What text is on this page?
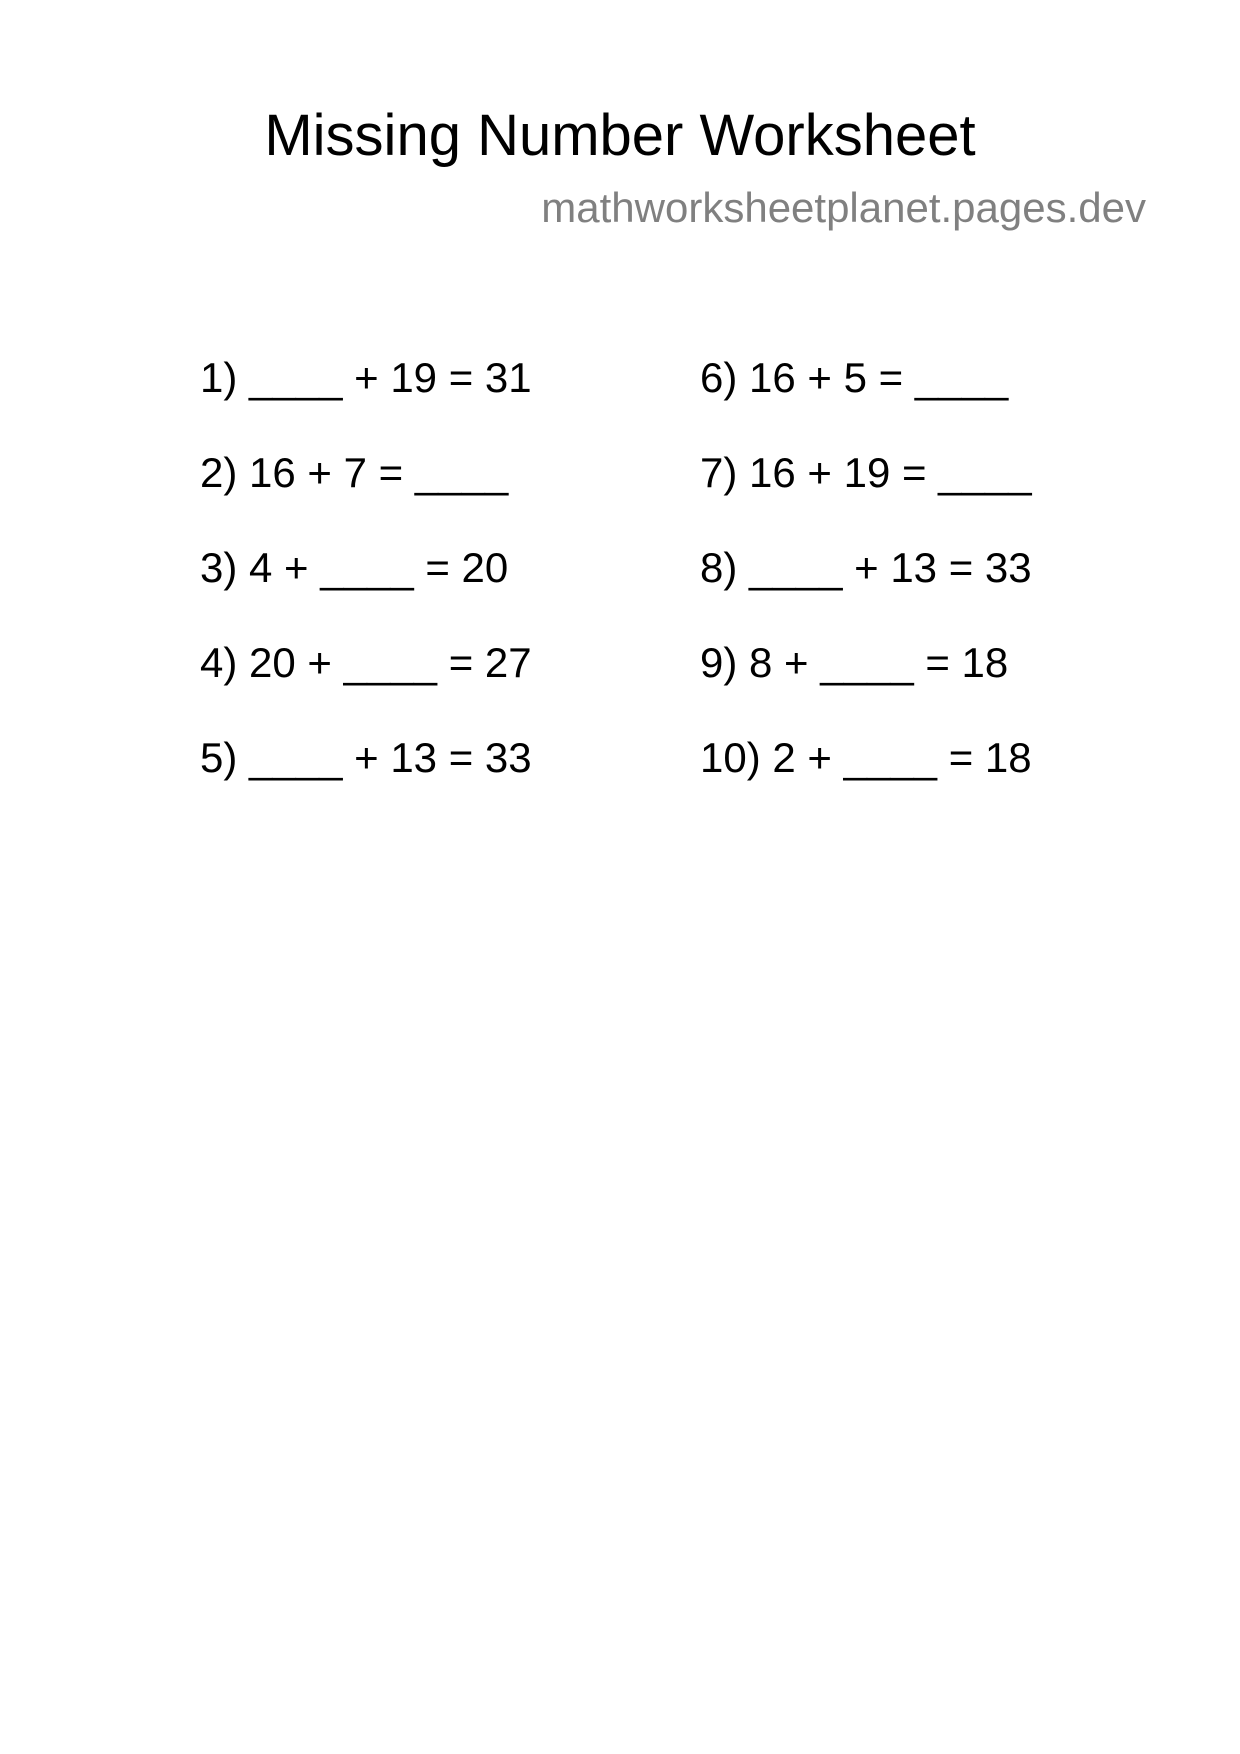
Missing Number Worksheet
mathworksheetplanet.pages.dev
1) ____ + 19 = 31
2) 16 + 7 = ____
3) 4 + ____ = 20
4) 20 + ____ = 27
5) ____ + 13 = 33
6) 16 + 5 = ____
7) 16 + 19 = ____
8) ____ + 13 = 33
9) 8 + ____ = 18
10) 2 + ____ = 18
